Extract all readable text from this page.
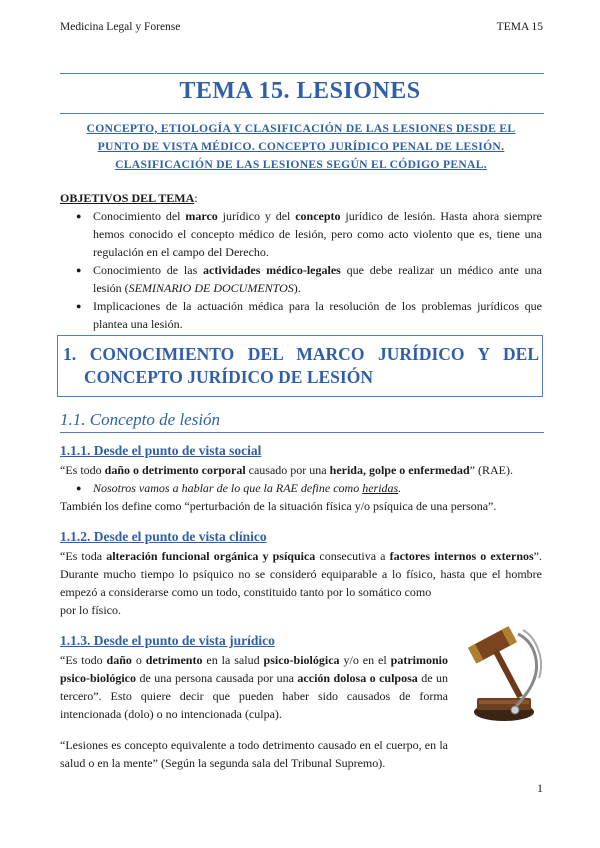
Medicina Legal y Forense	TEMA 15
TEMA 15. LESIONES
CONCEPTO, ETIOLOGÍA Y CLASIFICACIÓN DE LAS LESIONES DESDE EL
PUNTO DE VISTA MÉDICO. CONCEPTO JURÍDICO PENAL DE LESIÓN.
CLASIFICACIÓN DE LAS LESIONES SEGÚN EL CÓDIGO PENAL.
OBJETIVOS DEL TEMA:
● Conocimiento del marco jurídico y del concepto jurídico de lesión. Hasta ahora siempre hemos conocido el concepto médico de lesión, pero como acto violento que es, tiene una regulación en el campo del Derecho.
● Conocimiento de las actividades médico-legales que debe realizar un médico ante una lesión (SEMINARIO DE DOCUMENTOS).
● Implicaciones de la actuación médica para la resolución de los problemas jurídicos que plantea una lesión.
1. CONOCIMIENTO DEL MARCO JURÍDICO Y DEL
CONCEPTO JURÍDICO DE LESIÓN
1.1. Concepto de lesión
1.1.1. Desde el punto de vista social

“Es todo daño o detrimento corporal causado por una herida, golpe o enfermedad” (RAE).

● Nosotros vamos a hablar de lo que la RAE define como heridas.

También los define como “perturbación de la situación física y/o psíquica de una persona”.

1.1.2. Desde el punto de vista clínico

“Es toda alteración funcional orgánica y psíquica consecutiva a factores internos o externos”. Durante mucho tiempo lo psíquico no se consideró equiparable a lo físico, hasta que el hombre empezó a considerarse como un todo, constituido tanto por lo somático como

por lo físico.

1.1.3. Desde el punto de vista jurídico

“Es todo daño o detrimento en la salud psico-biológica y/o en el patrimonio psico-biológico de una persona causada por una acción dolosa o culposa de un tercero”. Esto quiere decir que pueden haber sido causados de forma intencionada (dolo) o no intencionada (culpa).

“Lesiones es concepto equivalente a todo detrimento causado en el cuerpo, en la salud o en la mente” (Según la segunda sala del Tribunal Supremo).
1
